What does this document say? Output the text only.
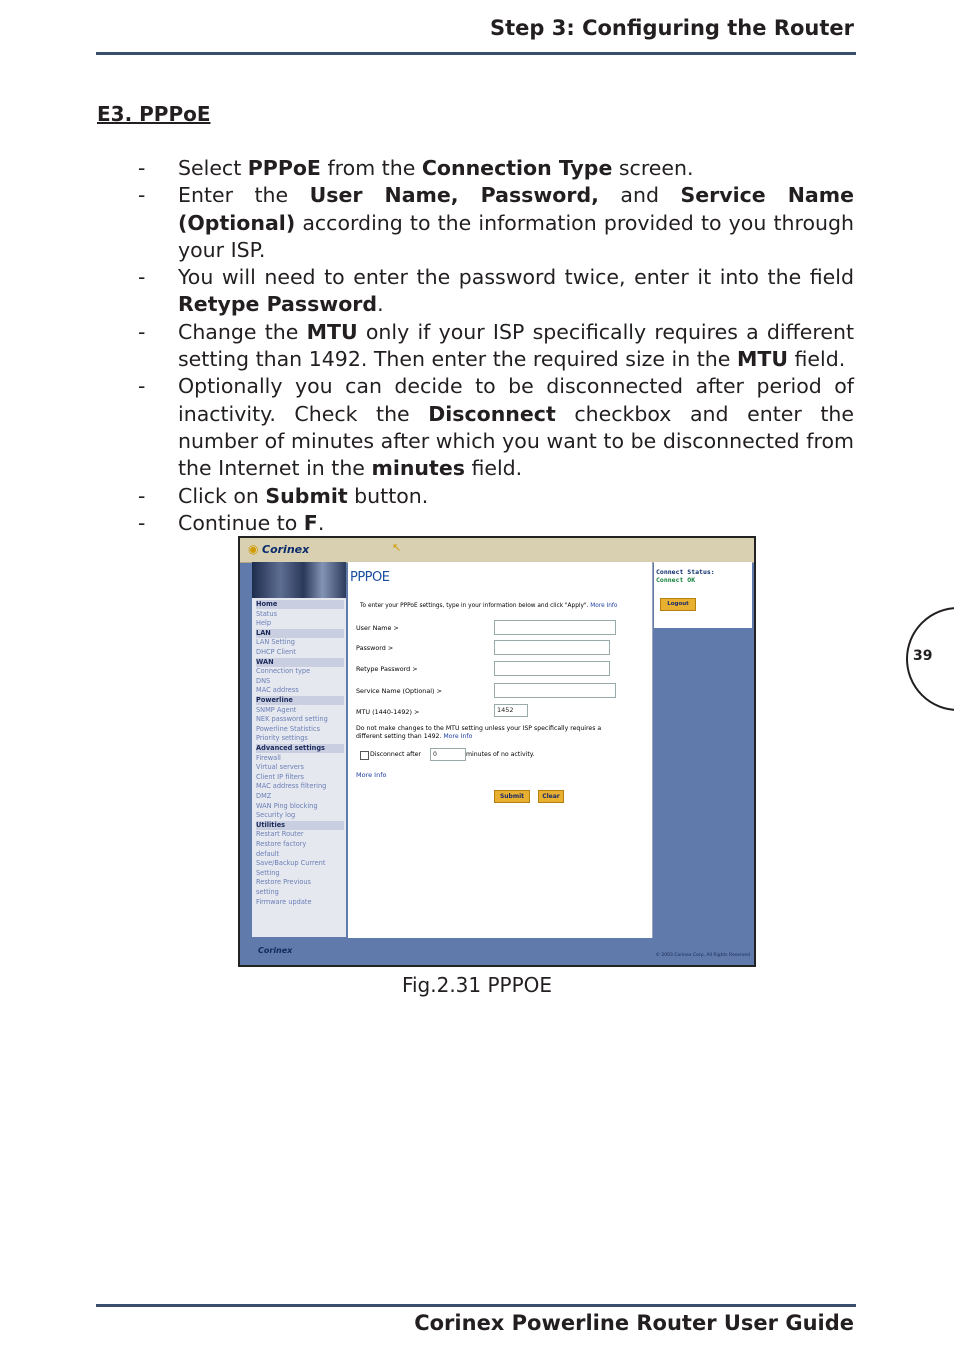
Step 3: Configuring the Router
E3. PPPoE
- Select PPPoE from the Connection Type screen.
- Enter the User Name, Password, and Service Name (Optional) according to the information provided to you through your ISP.
- You will need to enter the password twice, enter it into the field Retype Password.
- Change the MTU only if your ISP specifically requires a different setting than 1492. Then enter the required size in the MTU field.
- Optionally you can decide to be disconnected after period of inactivity. Check the Disconnect checkbox and enter the number of minutes after which you want to be disconnected from the Internet in the minutes field.
- Click on Submit button.
- Continue to F.
39
◉ Corinex	↖
Home
Status
Help
LAN
LAN Setting
DHCP Client
WAN
Connection type
DNS
MAC address
Powerline
SNMP Agent
NEK password setting
Powerline Statistics
Priority settings
Advanced settings
Firewall
Virtual servers
Client IP filters
MAC address filtering
DMZ
WAN Ping blocking
Security log
Utilities
Restart Router
Restore factory
default
Save/Backup Current
Setting
Restore Previous
setting
Firmware update
PPPOE
To enter your PPPoE settings, type in your information below and click "Apply". More Info
User Name >
Password >
Retype Password >
Service Name (Optional) >
MTU (1440-1492) >	1452
Do not make changes to the MTU setting unless your ISP specifically requires a
different setting than 1492. More Info
Disconnect after	0	minutes of no activity.
More Info
Submit	Clear
Connect Status:
Connect OK
Logout
Corinex
© 2003 Corinex Corp. All Rights Reserved
Fig.2.31 PPPOE
Corinex Powerline Router User Guide
